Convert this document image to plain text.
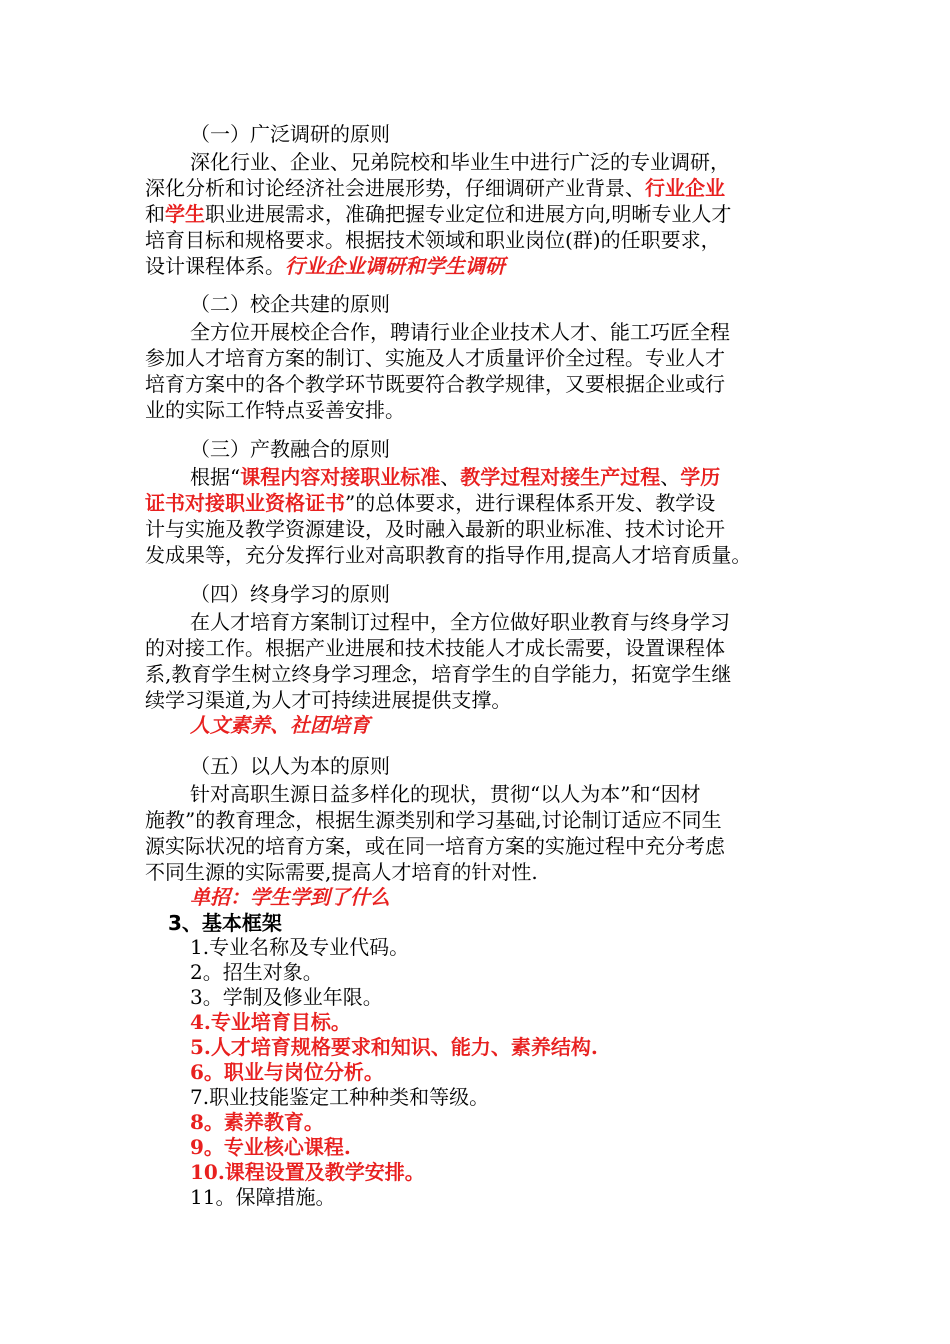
（一）广泛调研的原则
深化行业、企业、兄弟院校和毕业生中进行广泛的专业调研，
深化分析和讨论经济社会进展形势，仔细调研产业背景、行业企业
和学生职业进展需求，准确把握专业定位和进展方向,明晰专业人才
培育目标和规格要求。根据技术领域和职业岗位(群)的任职要求，
设计课程体系。行业企业调研和学生调研
（二）校企共建的原则
全方位开展校企合作，聘请行业企业技术人才、能工巧匠全程
参加人才培育方案的制订、实施及人才质量评价全过程。专业人才
培育方案中的各个教学环节既要符合教学规律，又要根据企业或行
业的实际工作特点妥善安排。
（三）产教融合的原则
根据“课程内容对接职业标准、教学过程对接生产过程、学历
证书对接职业资格证书”的总体要求，进行课程体系开发、教学设
计与实施及教学资源建设，及时融入最新的职业标准、技术讨论开
发成果等，充分发挥行业对高职教育的指导作用,提高人才培育质量。
（四）终身学习的原则
在人才培育方案制订过程中，全方位做好职业教育与终身学习
的对接工作。根据产业进展和技术技能人才成长需要，设置课程体
系,教育学生树立终身学习理念，培育学生的自学能力，拓宽学生继
续学习渠道,为人才可持续进展提供支撑。
人文素养、社团培育
（五）以人为本的原则
针对高职生源日益多样化的现状，贯彻“以人为本”和“因材
施教”的教育理念，根据生源类别和学习基础,讨论制订适应不同生
源实际状况的培育方案，或在同一培育方案的实施过程中充分考虑
不同生源的实际需要,提高人才培育的针对性.
单招：学生学到了什么
3、基本框架
1.专业名称及专业代码。
2。招生对象。
3。学制及修业年限。
4.专业培育目标。
5.人才培育规格要求和知识、能力、素养结构.
6。职业与岗位分析。
7.职业技能鉴定工种种类和等级。
8。素养教育。
9。专业核心课程.
10.课程设置及教学安排。
11。保障措施。
